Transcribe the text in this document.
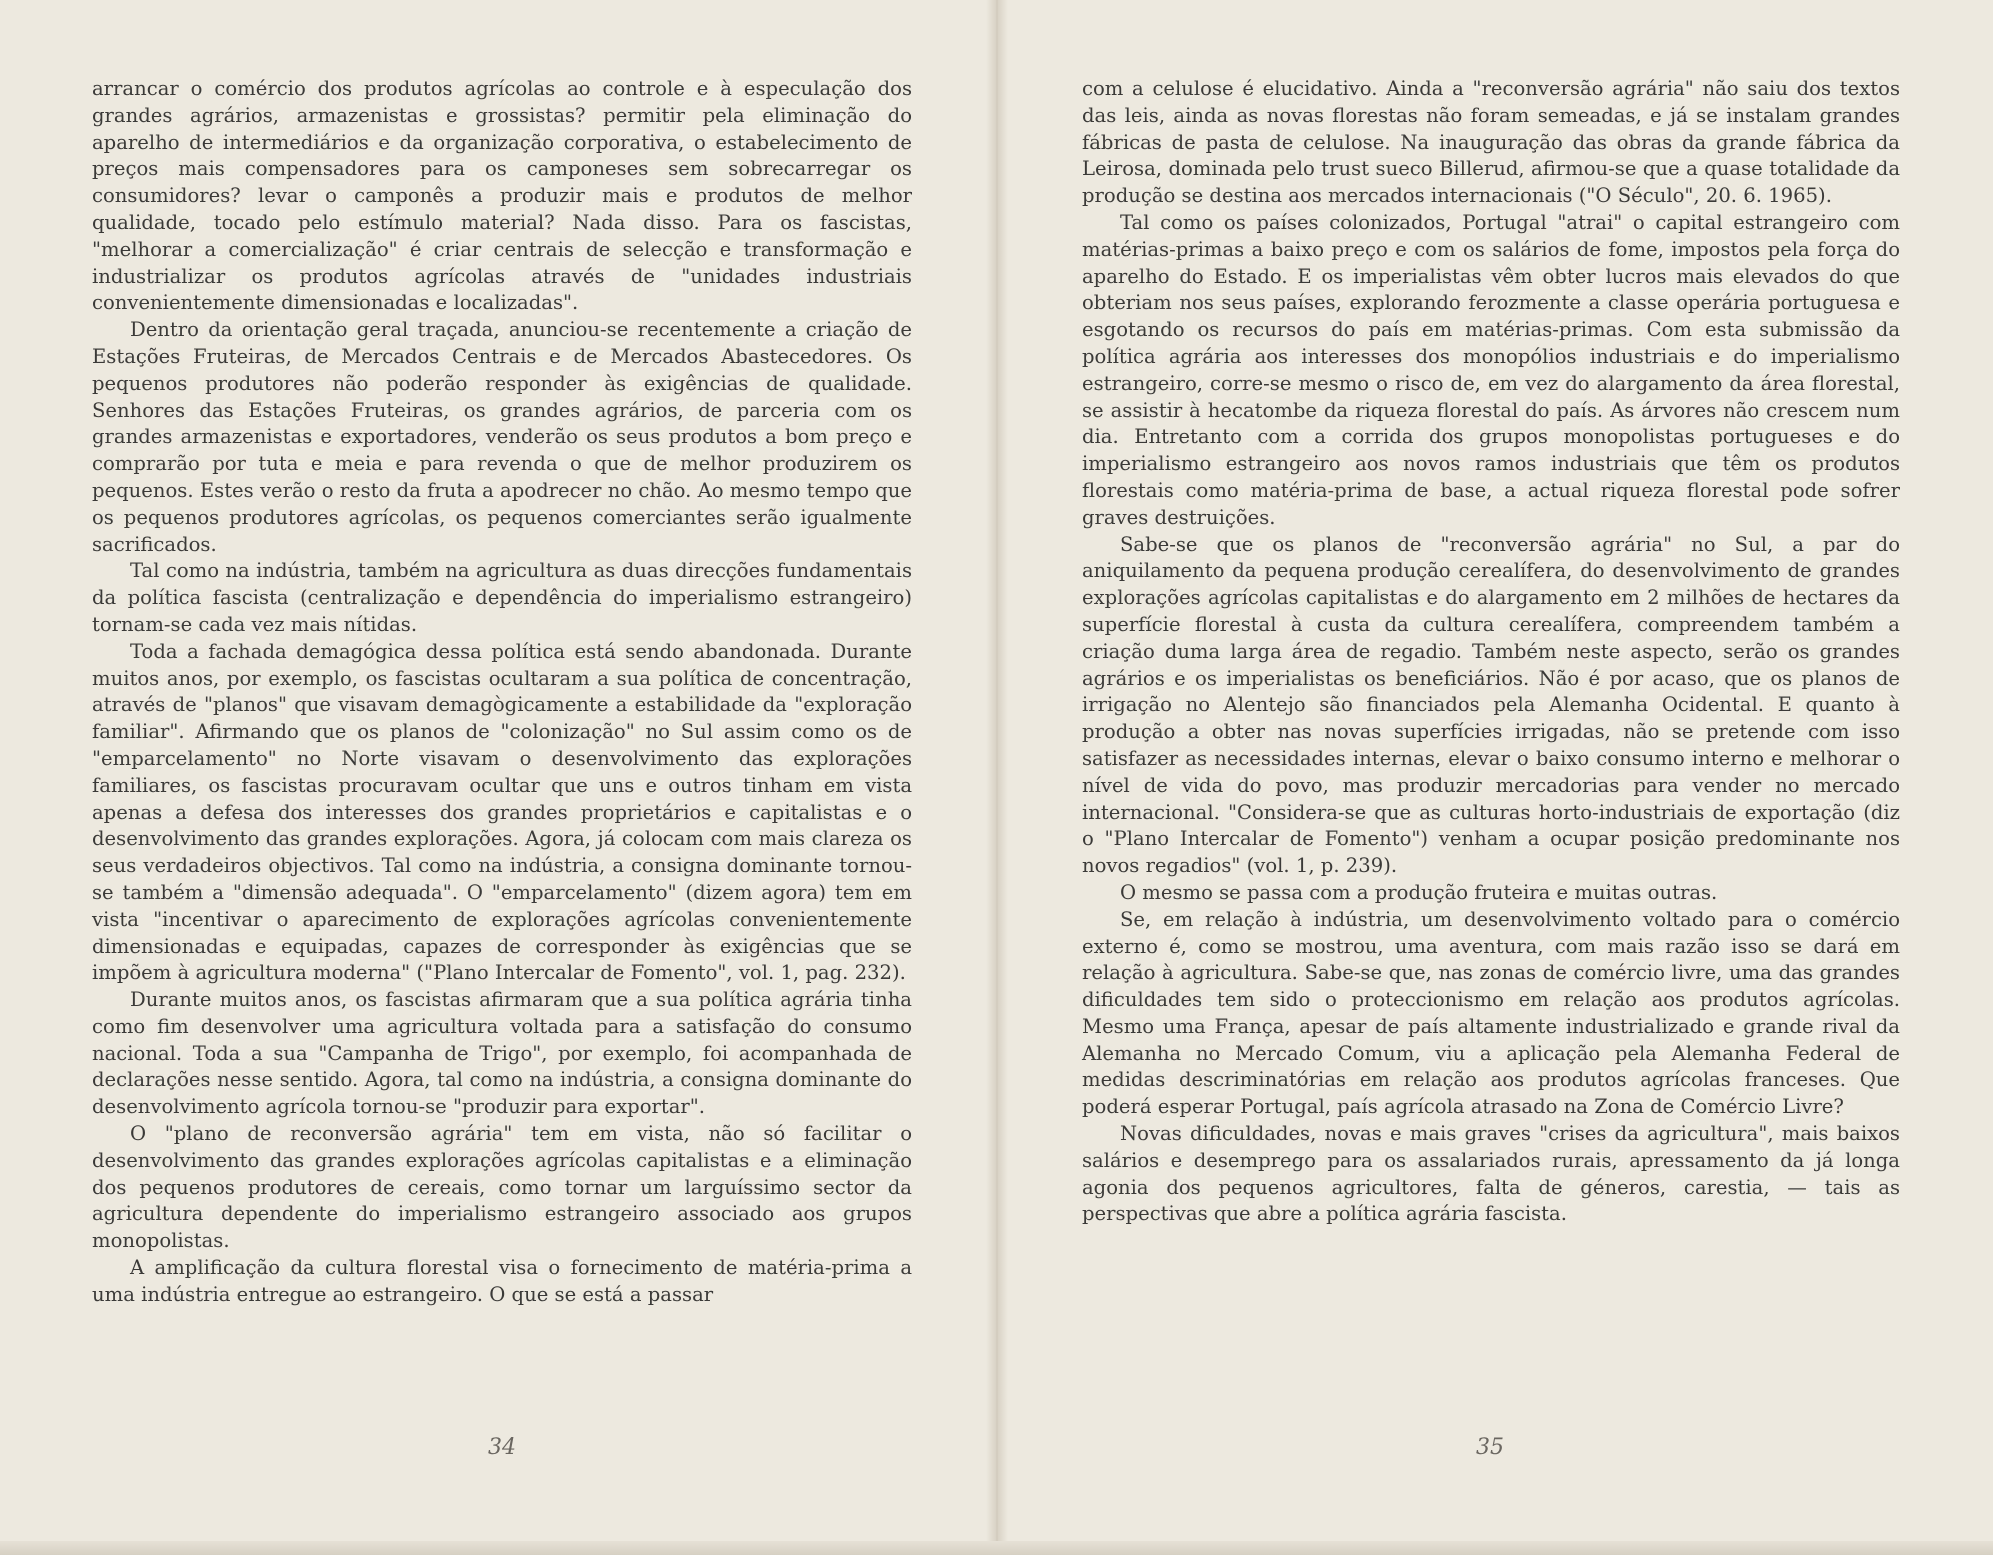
arrancar o comércio dos produtos agrícolas ao controle e à especulação dos grandes agrários, armazenistas e grossistas? permitir pela eliminação do aparelho de intermediários e da organização corporativa, o estabelecimento de preços mais compensadores para os camponeses sem sobrecarregar os consumidores? levar o camponês a produzir mais e produtos de melhor qualidade, tocado pelo estímulo material? Nada disso. Para os fascistas, "melhorar a comercialização" é criar centrais de selecção e transformação e industrializar os produtos agrícolas através de "unidades industriais convenientemente dimensionadas e localizadas".

Dentro da orientação geral traçada, anunciou-se recentemente a criação de Estações Fruteiras, de Mercados Centrais e de Mercados Abastecedores. Os pequenos produtores não poderão responder às exigências de qualidade. Senhores das Estações Fruteiras, os grandes agrários, de parceria com os grandes armazenistas e exportadores, venderão os seus produtos a bom preço e comprarão por tuta e meia e para revenda o que de melhor produzirem os pequenos. Estes verão o resto da fruta a apodrecer no chão. Ao mesmo tempo que os pequenos produtores agrícolas, os pequenos comerciantes serão igualmente sacrificados.

Tal como na indústria, também na agricultura as duas direcções fundamentais da política fascista (centralização e dependência do imperialismo estrangeiro) tornam-se cada vez mais nítidas.

Toda a fachada demagógica dessa política está sendo abandonada. Durante muitos anos, por exemplo, os fascistas ocultaram a sua política de concentração, através de "planos" que visavam demagògicamente a estabilidade da "exploração familiar". Afirmando que os planos de "colonização" no Sul assim como os de "emparcelamento" no Norte visavam o desenvolvimento das explorações familiares, os fascistas procuravam ocultar que uns e outros tinham em vista apenas a defesa dos interesses dos grandes proprietários e capitalistas e o desenvolvimento das grandes explorações. Agora, já colocam com mais clareza os seus verdadeiros objectivos. Tal como na indústria, a consigna dominante tornou-se também a "dimensão adequada". O "emparcelamento" (dizem agora) tem em vista "incentivar o aparecimento de explorações agrícolas convenientemente dimensionadas e equipadas, capazes de corresponder às exigências que se impõem à agricultura moderna" ("Plano Intercalar de Fomento", vol. 1, pag. 232).

Durante muitos anos, os fascistas afirmaram que a sua política agrária tinha como fim desenvolver uma agricultura voltada para a satisfação do consumo nacional. Toda a sua "Campanha de Trigo", por exemplo, foi acompanhada de declarações nesse sentido. Agora, tal como na indústria, a consigna dominante do desenvolvimento agrícola tornou-se "produzir para exportar".

O "plano de reconversão agrária" tem em vista, não só facilitar o desenvolvimento das grandes explorações agrícolas capitalistas e a eliminação dos pequenos produtores de cereais, como tornar um larguíssimo sector da agricultura dependente do imperialismo estrangeiro associado aos grupos monopolistas.

A amplificação da cultura florestal visa o fornecimento de matéria-prima a uma indústria entregue ao estrangeiro. O que se está a passar

com a celulose é elucidativo. Ainda a "reconversão agrária" não saiu dos textos das leis, ainda as novas florestas não foram semeadas, e já se instalam grandes fábricas de pasta de celulose. Na inauguração das obras da grande fábrica da Leirosa, dominada pelo trust sueco Billerud, afirmou-se que a quase totalidade da produção se destina aos mercados internacionais ("O Século", 20. 6. 1965).

Tal como os países colonizados, Portugal "atrai" o capital estrangeiro com matérias-primas a baixo preço e com os salários de fome, impostos pela força do aparelho do Estado. E os imperialistas vêm obter lucros mais elevados do que obteriam nos seus países, explorando ferozmente a classe operária portuguesa e esgotando os recursos do país em matérias-primas. Com esta submissão da política agrária aos interesses dos monopólios industriais e do imperialismo estrangeiro, corre-se mesmo o risco de, em vez do alargamento da área florestal, se assistir à hecatombe da riqueza florestal do país. As árvores não crescem num dia. Entretanto com a corrida dos grupos monopolistas portugueses e do imperialismo estrangeiro aos novos ramos industriais que têm os produtos florestais como matéria-prima de base, a actual riqueza florestal pode sofrer graves destruições.

Sabe-se que os planos de "reconversão agrária" no Sul, a par do aniquilamento da pequena produção cerealífera, do desenvolvimento de grandes explorações agrícolas capitalistas e do alargamento em 2 milhões de hectares da superfície florestal à custa da cultura cerealífera, compreendem também a criação duma larga área de regadio. Também neste aspecto, serão os grandes agrários e os imperialistas os beneficiários. Não é por acaso, que os planos de irrigação no Alentejo são financiados pela Alemanha Ocidental. E quanto à produção a obter nas novas superfícies irrigadas, não se pretende com isso satisfazer as necessidades internas, elevar o baixo consumo interno e melhorar o nível de vida do povo, mas produzir mercadorias para vender no mercado internacional. "Considera-se que as culturas horto-industriais de exportação (diz o "Plano Intercalar de Fomento") venham a ocupar posição predominante nos novos regadios" (vol. 1, p. 239).

O mesmo se passa com a produção fruteira e muitas outras.

Se, em relação à indústria, um desenvolvimento voltado para o comércio externo é, como se mostrou, uma aventura, com mais razão isso se dará em relação à agricultura. Sabe-se que, nas zonas de comércio livre, uma das grandes dificuldades tem sido o proteccionismo em relação aos produtos agrícolas. Mesmo uma França, apesar de país altamente industrializado e grande rival da Alemanha no Mercado Comum, viu a aplicação pela Alemanha Federal de medidas descriminatórias em relação aos produtos agrícolas franceses. Que poderá esperar Portugal, país agrícola atrasado na Zona de Comércio Livre?

Novas dificuldades, novas e mais graves "crises da agricultura", mais baixos salários e desemprego para os assalariados rurais, apressamento da já longa agonia dos pequenos agricultores, falta de géneros, carestia, — tais as perspectivas que abre a política agrária fascista.

34	35
